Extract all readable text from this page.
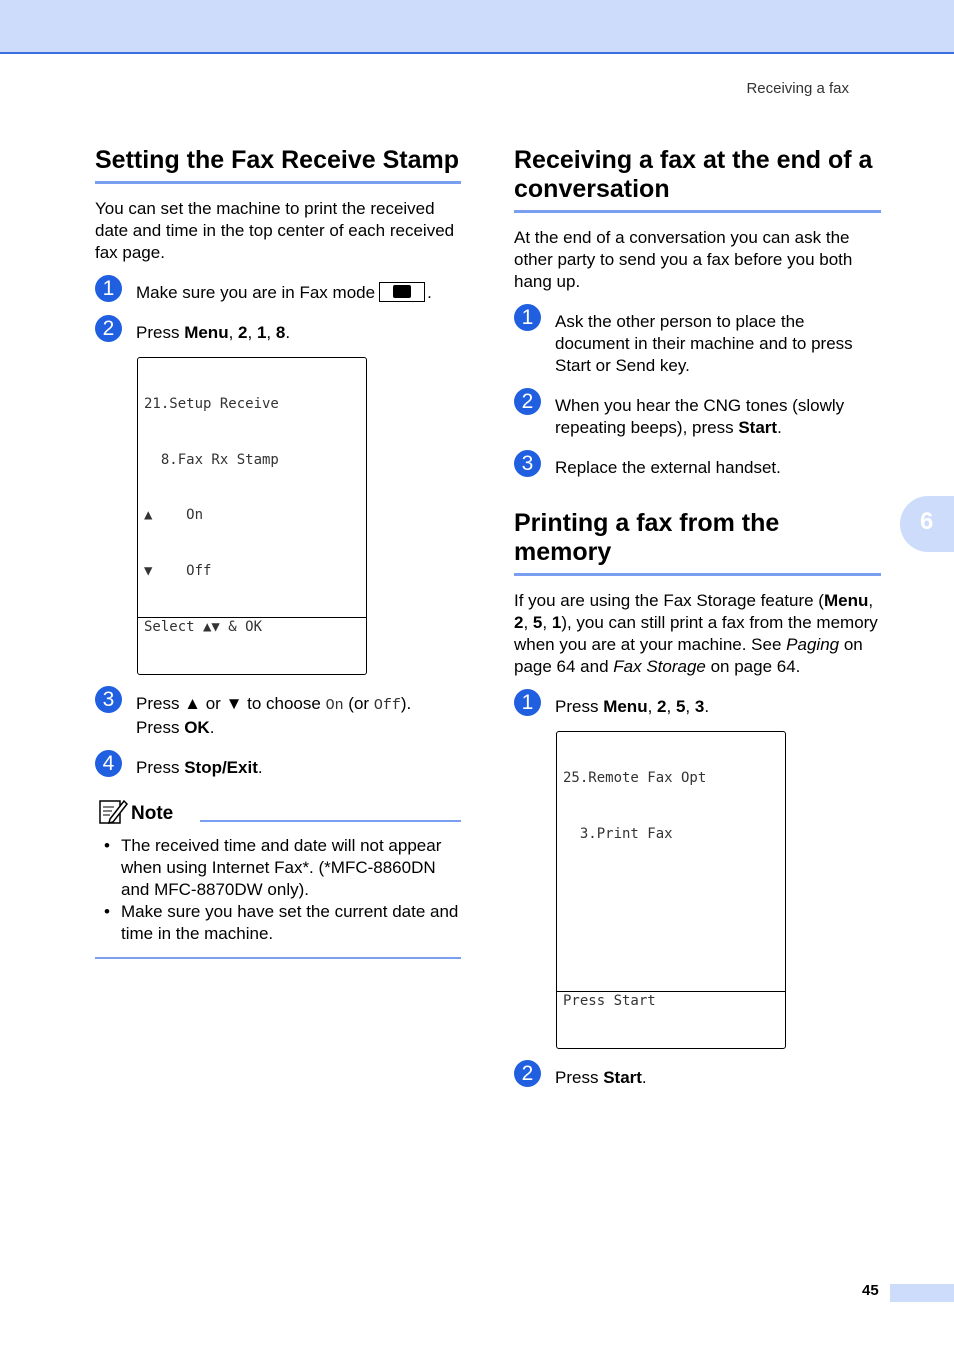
Receiving a fax
6
Setting the Fax Receive Stamp

You can set the machine to print the received date and time in the top center of each received fax page.

1	Make sure you are in Fax mode	.
2	Press Menu, 2, 1, 8.

21.Setup Receive

8.Fax Rx Stamp

▲    On

▼    Off

Select ▲▼ & OK

3	Press ▲ or ▼ to choose On (or Off).
Press OK.
4	Press Stop/Exit.
Note
• The received time and date will not appear when using Internet Fax*. (*MFC-8860DN and MFC-8870DW only).
• Make sure you have set the current date and time in the machine.
Receiving a fax at the end of a conversation

At the end of a conversation you can ask the other party to send you a fax before you both hang up.

1	Ask the other person to place the document in their machine and to press Start or Send key.
2	When you hear the CNG tones (slowly repeating beeps), press Start.
3	Replace the external handset.
Printing a fax from the memory

If you are using the Fax Storage feature (Menu, 2, 5, 1), you can still print a fax from the memory when you are at your machine. See Paging on page 64 and Fax Storage on page 64.

1	Press Menu, 2, 5, 3.

25.Remote Fax Opt

3.Print Fax

Press Start

2	Press Start.
45
